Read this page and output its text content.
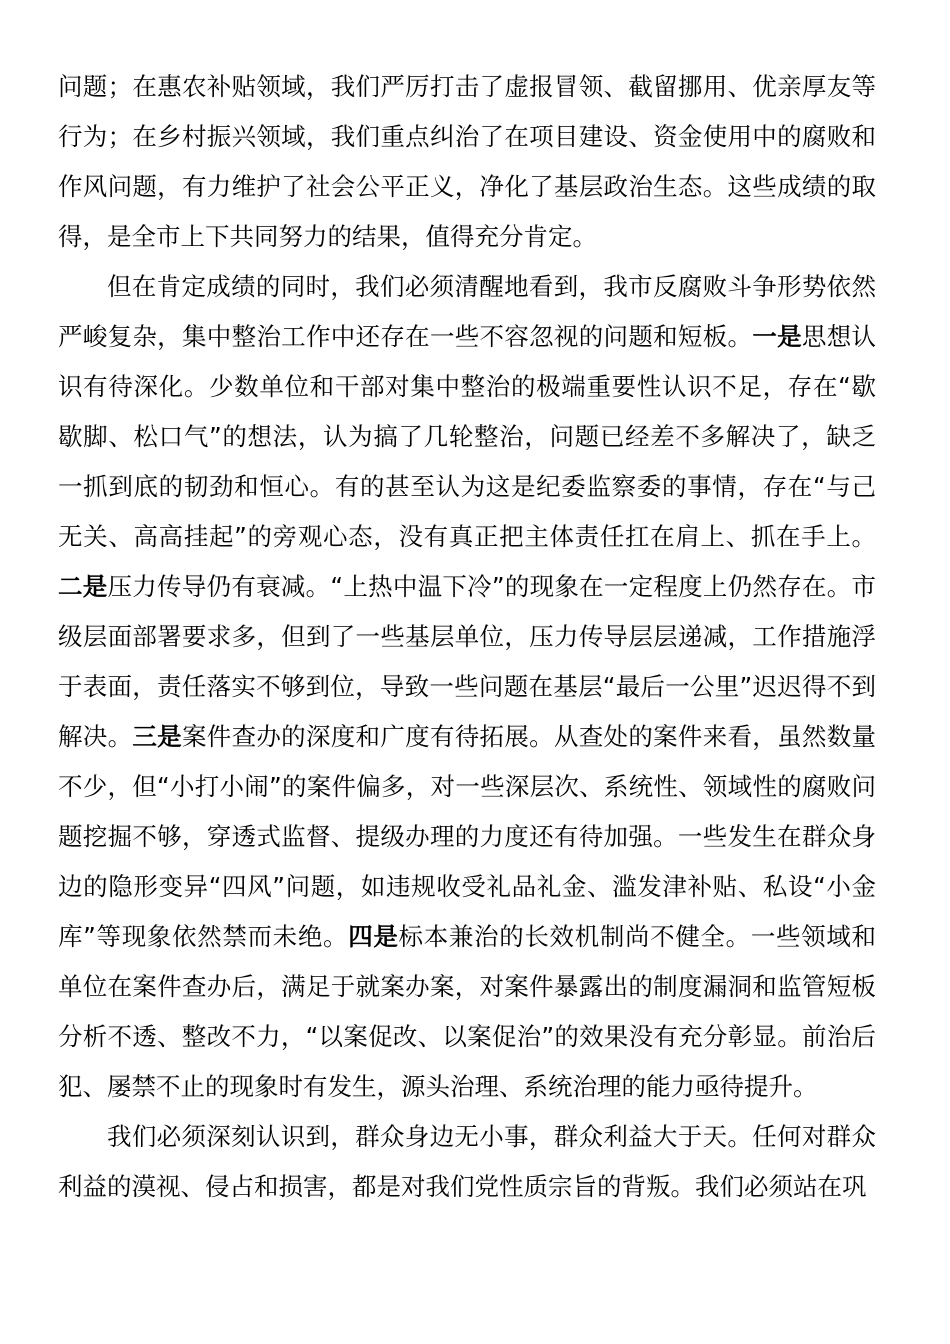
问题；在惠农补贴领域，我们严厉打击了虚报冒领、截留挪用、优亲厚友等行为；在乡村振兴领域，我们重点纠治了在项目建设、资金使用中的腐败和作风问题，有力维护了社会公平正义，净化了基层政治生态。这些成绩的取得，是全市上下共同努力的结果，值得充分肯定。

但在肯定成绩的同时，我们必须清醒地看到，我市反腐败斗争形势依然严峻复杂，集中整治工作中还存在一些不容忽视的问题和短板。一是思想认识有待深化。少数单位和干部对集中整治的极端重要性认识不足，存在“歇歇脚、松口气”的想法，认为搞了几轮整治，问题已经差不多解决了，缺乏一抓到底的韧劲和恒心。有的甚至认为这是纪委监察委的事情，存在“与己无关、高高挂起”的旁观心态，没有真正把主体责任扛在肩上、抓在手上。二是压力传导仍有衰减。“上热中温下冷”的现象在一定程度上仍然存在。市级层面部署要求多，但到了一些基层单位，压力传导层层递减，工作措施浮于表面，责任落实不够到位，导致一些问题在基层“最后一公里”迟迟得不到解决。三是案件查办的深度和广度有待拓展。从查处的案件来看，虽然数量不少，但“小打小闹”的案件偏多，对一些深层次、系统性、领域性的腐败问题挖掘不够，穿透式监督、提级办理的力度还有待加强。一些发生在群众身边的隐形变异“四风”问题，如违规收受礼品礼金、滥发津补贴、私设“小金库”等现象依然禁而未绝。四是标本兼治的长效机制尚不健全。一些领域和单位在案件查办后，满足于就案办案，对案件暴露出的制度漏洞和监管短板分析不透、整改不力，“以案促改、以案促治”的效果没有充分彰显。前治后犯、屡禁不止的现象时有发生，源头治理、系统治理的能力亟待提升。

我们必须深刻认识到，群众身边无小事，群众利益大于天。任何对群众利益的漠视、侵占和损害，都是对我们党性质宗旨的背叛。我们必须站在巩
